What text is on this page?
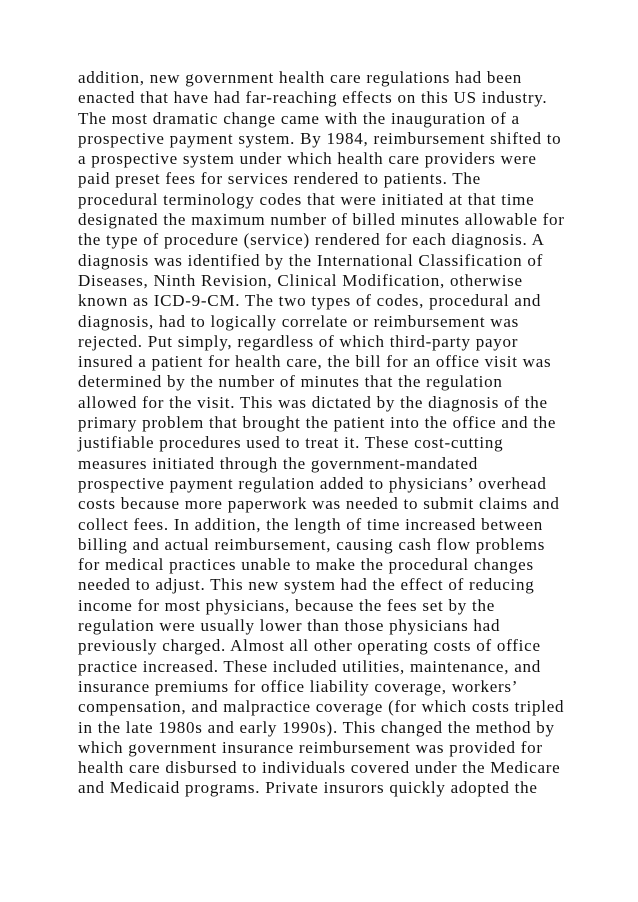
addition, new government health care regulations had been
enacted that have had far-reaching effects on this US industry.
The most dramatic change came with the inauguration of a
prospective payment system. By 1984, reimbursement shifted to
a prospective system under which health care providers were
paid preset fees for services rendered to patients. The
procedural terminology codes that were initiated at that time
designated the maximum number of billed minutes allowable for
the type of procedure (service) rendered for each diagnosis. A
diagnosis was identified by the International Classification of
Diseases, Ninth Revision, Clinical Modification, otherwise
known as ICD-9-CM. The two types of codes, procedural and
diagnosis, had to logically correlate or reimbursement was
rejected. Put simply, regardless of which third-party payor
insured a patient for health care, the bill for an office visit was
determined by the number of minutes that the regulation
allowed for the visit. This was dictated by the diagnosis of the
primary problem that brought the patient into the office and the
justifiable procedures used to treat it. These cost-cutting
measures initiated through the government-mandated
prospective payment regulation added to physicians’ overhead
costs because more paperwork was needed to submit claims and
collect fees. In addition, the length of time increased between
billing and actual reimbursement, causing cash flow problems
for medical practices unable to make the procedural changes
needed to adjust. This new system had the effect of reducing
income for most physicians, because the fees set by the
regulation were usually lower than those physicians had
previously charged. Almost all other operating costs of office
practice increased. These included utilities, maintenance, and
insurance premiums for office liability coverage, workers’
compensation, and malpractice coverage (for which costs tripled
in the late 1980s and early 1990s). This changed the method by
which government insurance reimbursement was provided for
health care disbursed to individuals covered under the Medicare
and Medicaid programs. Private insurors quickly adopted the
